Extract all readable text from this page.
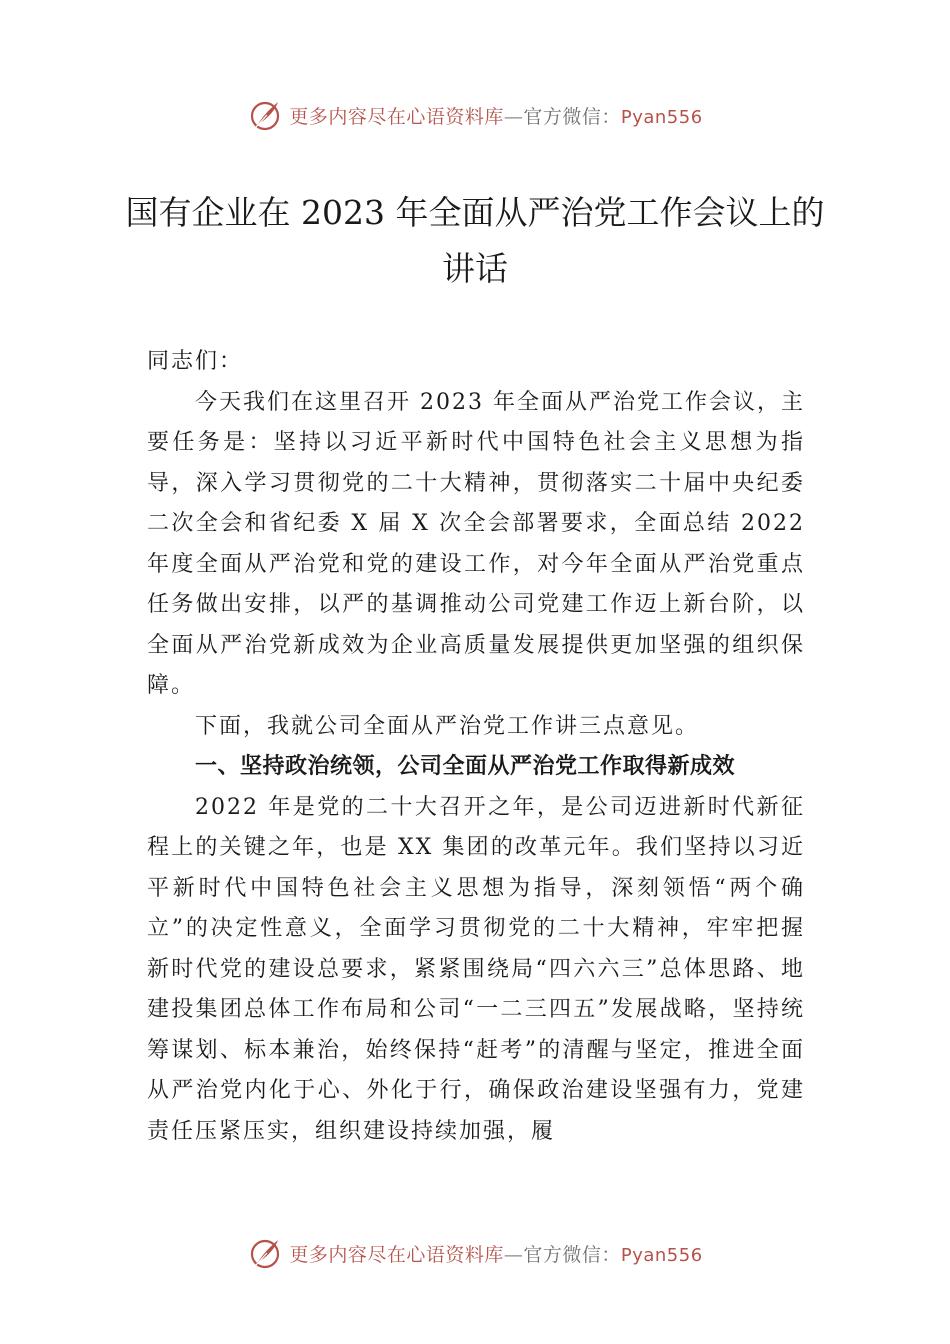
更多内容尽在心语资料库—官方微信：Pyan556
国有企业在 2023 年全面从严治党工作会议上的讲话

同志们：

今天我们在这里召开 2023 年全面从严治党工作会议，主要任务是：坚持以习近平新时代中国特色社会主义思想为指导，深入学习贯彻党的二十大精神，贯彻落实二十届中央纪委二次全会和省纪委 X 届 X 次全会部署要求，全面总结 2022 年度全面从严治党和党的建设工作，对今年全面从严治党重点任务做出安排，以严的基调推动公司党建工作迈上新台阶，以全面从严治党新成效为企业高质量发展提供更加坚强的组织保障。

下面，我就公司全面从严治党工作讲三点意见。

一、坚持政治统领，公司全面从严治党工作取得新成效

2022 年是党的二十大召开之年，是公司迈进新时代新征程上的关键之年，也是 XX 集团的改革元年。我们坚持以习近平新时代中国特色社会主义思想为指导，深刻领悟“两个确立”的决定性意义，全面学习贯彻党的二十大精神，牢牢把握新时代党的建设总要求，紧紧围绕局“四六六三”总体思路、地建投集团总体工作布局和公司“一二三四五”发展战略，坚持统筹谋划、标本兼治，始终保持“赶考”的清醒与坚定，推进全面从严治党内化于心、外化于行，确保政治建设坚强有力，党建责任压紧压实，组织建设持续加强，履

更多内容尽在心语资料库—官方微信：Pyan556
